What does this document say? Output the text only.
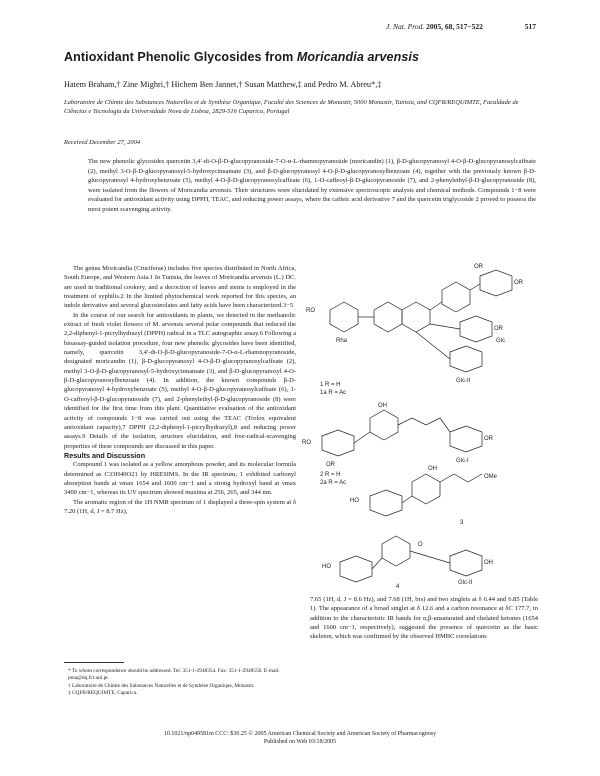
J. Nat. Prod. 2005, 68, 517−522	517
Antioxidant Phenolic Glycosides from Moricandia arvensis
Hatem Braham,† Zine Mighri,† Hichem Ben Jannet,† Susan Matthew,‡ and Pedro M. Abreu*,‡
Laboratoire de Chimie des Substances Naturelles et de Synthèse Organique, Faculté des Sciences de Monastir, 5000 Monastir, Tunisia, and CQFB/REQUIMTE, Faculdade de Ciências e Tecnologia da Universidade Nova de Lisboa, 2829-516 Caparica, Portugal
Received December 27, 2004
The new phenolic glycosides quercetin 3,4′-di-O-β-D-glucopyranoside-7-O-α-L-rhamnopyranoside (moricandin) (1), β-D-glucopyranosyl 4-O-β-D-glucopyranosylcaffeate (2), methyl 3-O-β-D-glucopyranosyl-5-hydroxycinnamate (3), and β-D-glucopyranosyl 4-O-β-D-glucopyranosylbenzoate (4), together with the previously known β-D-glucopyranosyl 4-hydroxybenzoate (5), methyl 4-O-β-D-glucopyranosylcaffeate (6), 1-O-caffeoyl-β-D-glucopyranoside (7), and 2-phenylethyl-β-D-glucopyranoside (8), were isolated from the flowers of Moricandia arvensis. Their structures were elucidated by extensive spectroscopic analysis and chemical methods. Compounds 1−8 were evaluated for antioxidant activity using DPPH, TEAC, and reducing power assays, where the caffeic acid derivative 7 and the quercetin triglycoside 2 proved to possess the most potent scavenging activity.

The genus Moricandia (Cruciferae) includes five species distributed in North Africa, South Europe, and Western Asia.1 In Tunisia, the leaves of Moricandia arvensis (L.) DC. are used in traditional cookery, and a decoction of leaves and stems is employed in the treatment of syphilis.2 In the limited phytochemical work reported for this species, an indole derivative and several glucosinolates and fatty acids have been characterized.3−5

In the course of our search for antioxidants in plants, we detected in the methanolic extract of fresh violet flowers of M. arvensis several polar compounds that reduced the 2,2-diphenyl-1-picrylhydrazyl (DPPH) radical in a TLC autographic assay.6 Following a bioassay-guided isolation procedure, four new phenolic glycosides have been identified, namely, quercetin 3,4′-di-O-β-D-glucopyranoside-7-O-α-L-rhamnopyranoside, designated moricandin (1), β-D-glucopyranosyl 4-O-β-D-glucopyranosylcaffeate (2), methyl 3-O-β-D-glucopyranosyl-5-hydroxycinnamate (3), and β-D-glucopyranosyl 4-O-β-D-glucopyranosylbenzoate (4). In addition, the known compounds β-D-glucopyranosyl 4-hydroxybenzoate (5), methyl 4-O-β-D-glucopyranosylcaffeate (6), 1-O-caffeoyl-β-D-glucopyranoside (7), and 2-phenylethyl-β-D-glucopyranoside (8) were identified for the first time from this plant. Quantitative evaluation of the antioxidant activity of compounds 1−8 was carried out using the TEAC (Trolox equivalent antioxidant capacity),7 DPPH (2,2-diphenyl-1-picrylhydrazyl),8 and reducing power assays.9 Details of the isolation, structure elucidation, and free-radical-scavenging properties of these compounds are discussed in this paper.

Results and Discussion

Compound 1 was isolated as a yellow amorphous powder, and its molecular formula determined as C33H40O21 by HRESIMS. In the IR spectrum, 1 exhibited carbonyl absorption bands at νmax 1654 and 1600 cm−1 and a strong hydroxyl band at νmax 3400 cm−1, whereas its UV spectrum showed maxima at 256, 265, and 344 nm.

The aromatic region of the 1H NMR spectrum of 1 displayed a three-spin system at δ 7.20 (1H, d, J = 8.7 Hz),

* To whom correspondence should be addressed. Tel: 351-1-2948354. Fax: 351-1-2948550. E-mail: pma@dq.fct.unl.pt.

† Laboratoire de Chimie des Substances Naturelles et de Synthèse Organique, Monastir.

‡ CQFB/REQUIMTE, Caparica.

OR
OR
RO
OR
Rha	Glc
Glc-II
1 R = H
1a R = Ac
OH
RO
OR
OR
Glc-I
2 R = H
2a R = Ac
OMe
OH
HO
3
HO
O
OH
Glc-II
4

7.65 (1H, d, J = 8.6 Hz), and 7.68 (1H, brs) and two singlets at δ 6.44 and 6.85 (Table 1). The appearance of a broad singlet at δ 12.6 and a carbon resonance at δC 177.7, in addition to the characteristic IR bands for α,β-unsaturated and chelated ketones (1654 and 1600 cm−1, respectively), suggested the presence of quercetin as the basic skeleton, which was confirmed by the observed HMBC correlations

10.1021/np049581m CCC: $30.25 © 2005 American Chemical Society and American Society of Pharmacognosy
Published on Web 03/18/2005
